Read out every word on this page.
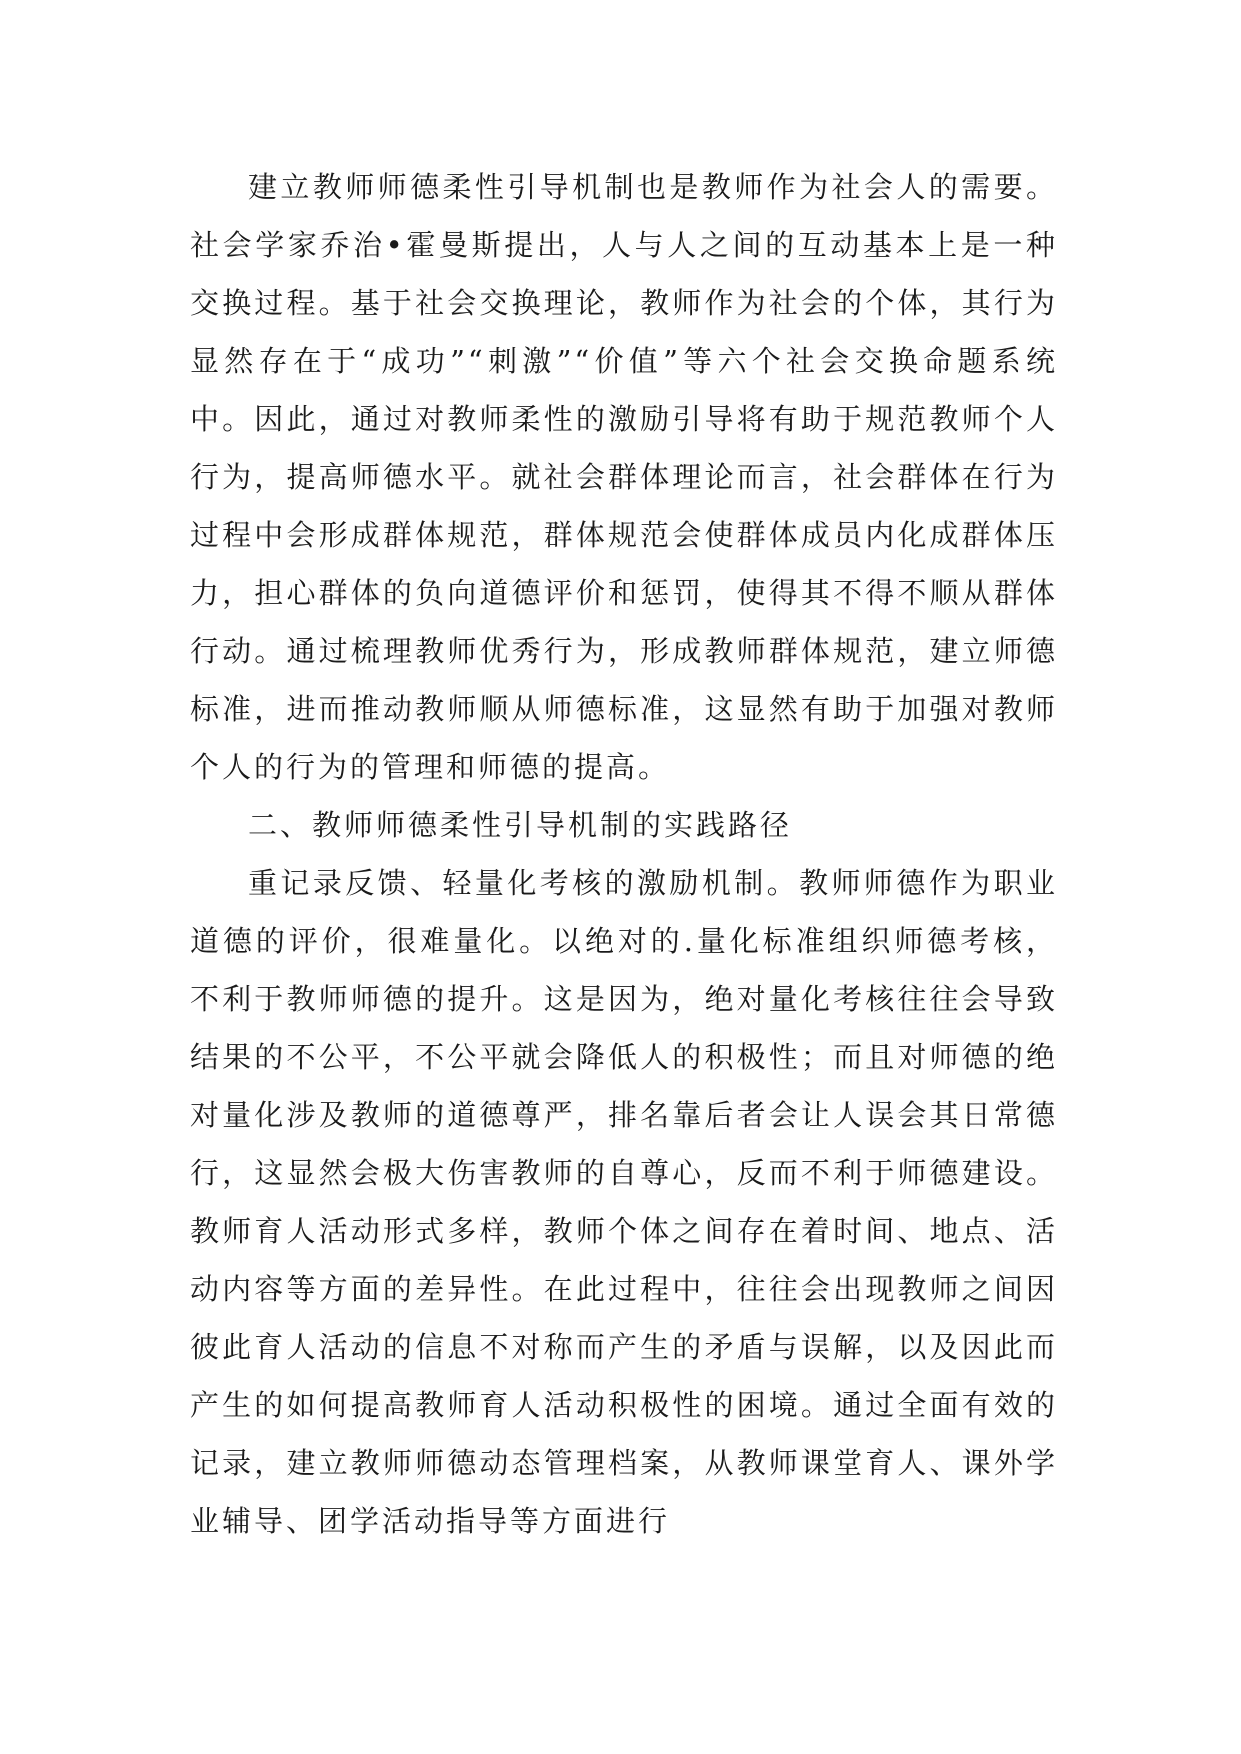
建立教师师德柔性引导机制也是教师作为社会人的需要。社会学家乔治•霍曼斯提出，人与人之间的互动基本上是一种交换过程。基于社会交换理论，教师作为社会的个体，其行为显然存在于“成功”“刺激”“价值”等六个社会交换命题系统中。因此，通过对教师柔性的激励引导将有助于规范教师个人行为，提高师德水平。就社会群体理论而言，社会群体在行为过程中会形成群体规范，群体规范会使群体成员内化成群体压力，担心群体的负向道德评价和惩罚，使得其不得不顺从群体行动。通过梳理教师优秀行为，形成教师群体规范，建立师德标准，进而推动教师顺从师德标准，这显然有助于加强对教师个人的行为的管理和师德的提高。

二、教师师德柔性引导机制的实践路径

重记录反馈、轻量化考核的激励机制。教师师德作为职业道德的评价，很难量化。以绝对的.量化标准组织师德考核，不利于教师师德的提升。这是因为，绝对量化考核往往会导致结果的不公平，不公平就会降低人的积极性；而且对师德的绝对量化涉及教师的道德尊严，排名靠后者会让人误会其日常德行，这显然会极大伤害教师的自尊心，反而不利于师德建设。教师育人活动形式多样，教师个体之间存在着时间、地点、活动内容等方面的差异性。在此过程中，往往会出现教师之间因彼此育人活动的信息不对称而产生的矛盾与误解，以及因此而产生的如何提高教师育人活动积极性的困境。通过全面有效的记录，建立教师师德动态管理档案，从教师课堂育人、课外学业辅导、团学活动指导等方面进行
